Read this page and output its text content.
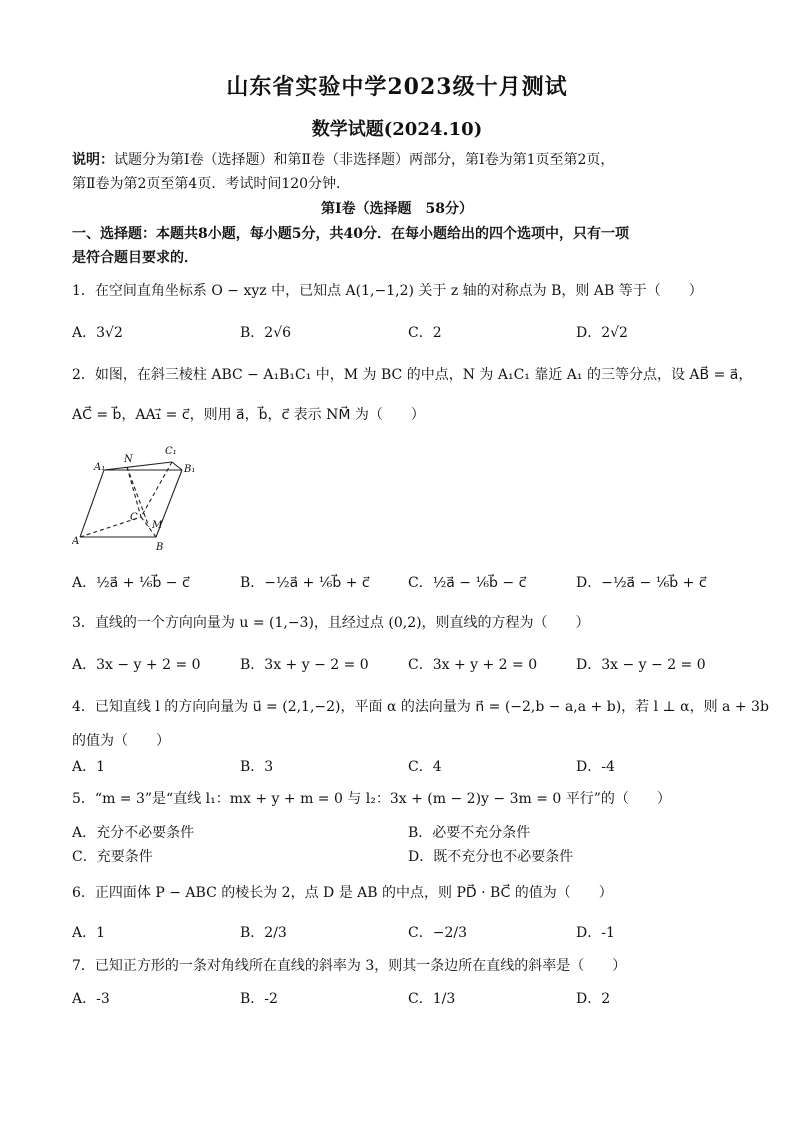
山东省实验中学2023级十月测试
数学试题(2024.10)
说明：试题分为第Ⅰ卷（选择题）和第Ⅱ卷（非选择题）两部分，第Ⅰ卷为第1页至第2页，
第Ⅱ卷为第2页至第4页．考试时间120分钟．
第Ⅰ卷（选择题　58分）
一、选择题：本题共8小题，每小题5分，共40分．在每小题给出的四个选项中，只有一项
是符合题目要求的．
1．在空间直角坐标系 O − xyz 中，已知点 A(1,−1,2) 关于 z 轴的对称点为 B，则 AB 等于（　　）
A．3√2	B．2√6	C．2	D．2√2
2．如图，在斜三棱柱 ABC − A₁B₁C₁ 中，M 为 BC 的中点，N 为 A₁C₁ 靠近 A₁ 的三等分点，设 AB⃗ = a⃗，
AC⃗ = b⃗，AA₁⃗ = c⃗，则用 a⃗，b⃗，c⃗ 表示 NM⃗ 为（　　）
A₁
N
C₁
B₁
C
M
A
B
A．½a⃗ + ⅙b⃗ − c⃗	B．−½a⃗ + ⅙b⃗ + c⃗	C．½a⃗ − ⅙b⃗ − c⃗	D．−½a⃗ − ⅙b⃗ + c⃗
3．直线的一个方向向量为 u = (1,−3)，且经过点 (0,2)，则直线的方程为（　　）
A．3x − y + 2 = 0	B．3x + y − 2 = 0	C．3x + y + 2 = 0	D．3x − y − 2 = 0
4．已知直线 l 的方向向量为 u⃗ = (2,1,−2)，平面 α 的法向量为 n⃗ = (−2,b − a,a + b)，若 l ⊥ α，则 a + 3b
的值为（　　）
A．1	B．3	C．4	D．-4
5．“m = 3”是“直线 l₁：mx + y + m = 0 与 l₂：3x + (m − 2)y − 3m = 0 平行”的（　　）
A．充分不必要条件	B．必要不充分条件
C．充要条件	D．既不充分也不必要条件
6．正四面体 P − ABC 的棱长为 2，点 D 是 AB 的中点，则 PD⃗ · BC⃗ 的值为（　　）
A．1	B．2/3	C．−2/3	D．-1
7．已知正方形的一条对角线所在直线的斜率为 3，则其一条边所在直线的斜率是（　　）
A．-3	B．-2	C．1/3	D．2
